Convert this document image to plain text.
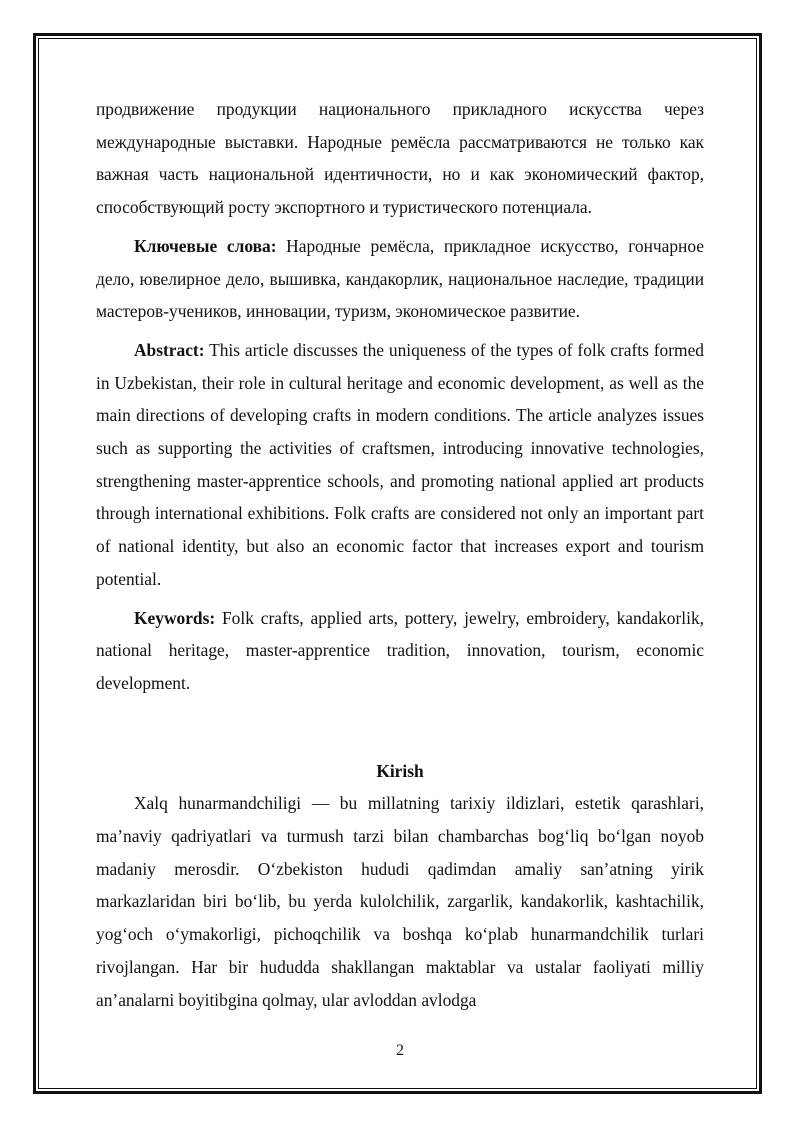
продвижение продукции национального прикладного искусства через международные выставки. Народные ремёсла рассматриваются не только как важная часть национальной идентичности, но и как экономический фактор, способствующий росту экспортного и туристического потенциала.

Ключевые слова: Народные ремёсла, прикладное искусство, гончарное дело, ювелирное дело, вышивка, кандакорлик, национальное наследие, традиции мастеров-учеников, инновации, туризм, экономическое развитие.

Abstract: This article discusses the uniqueness of the types of folk crafts formed in Uzbekistan, their role in cultural heritage and economic development, as well as the main directions of developing crafts in modern conditions. The article analyzes issues such as supporting the activities of craftsmen, introducing innovative technologies, strengthening master-apprentice schools, and promoting national applied art products through international exhibitions. Folk crafts are considered not only an important part of national identity, but also an economic factor that increases export and tourism potential.

Keywords: Folk crafts, applied arts, pottery, jewelry, embroidery, kandakorlik, national heritage, master-apprentice tradition, innovation, tourism, economic development.

Kirish

Xalq hunarmandchiligi — bu millatning tarixiy ildizlari, estetik qarashlari, maʼnaviy qadriyatlari va turmush tarzi bilan chambarchas bogʻliq boʻlgan noyob madaniy merosdir. Oʻzbekiston hududi qadimdan amaliy sanʼatning yirik markazlaridan biri boʻlib, bu yerda kulolchilik, zargarlik, kandakorlik, kashtachilik, yogʻoch oʻymakorligi, pichoqchilik va boshqa koʻplab hunarmandchilik turlari rivojlangan. Har bir hududda shakllangan maktablar va ustalar faoliyati milliy anʼanalarni boyitibgina qolmay, ular avloddan avlodga

2
